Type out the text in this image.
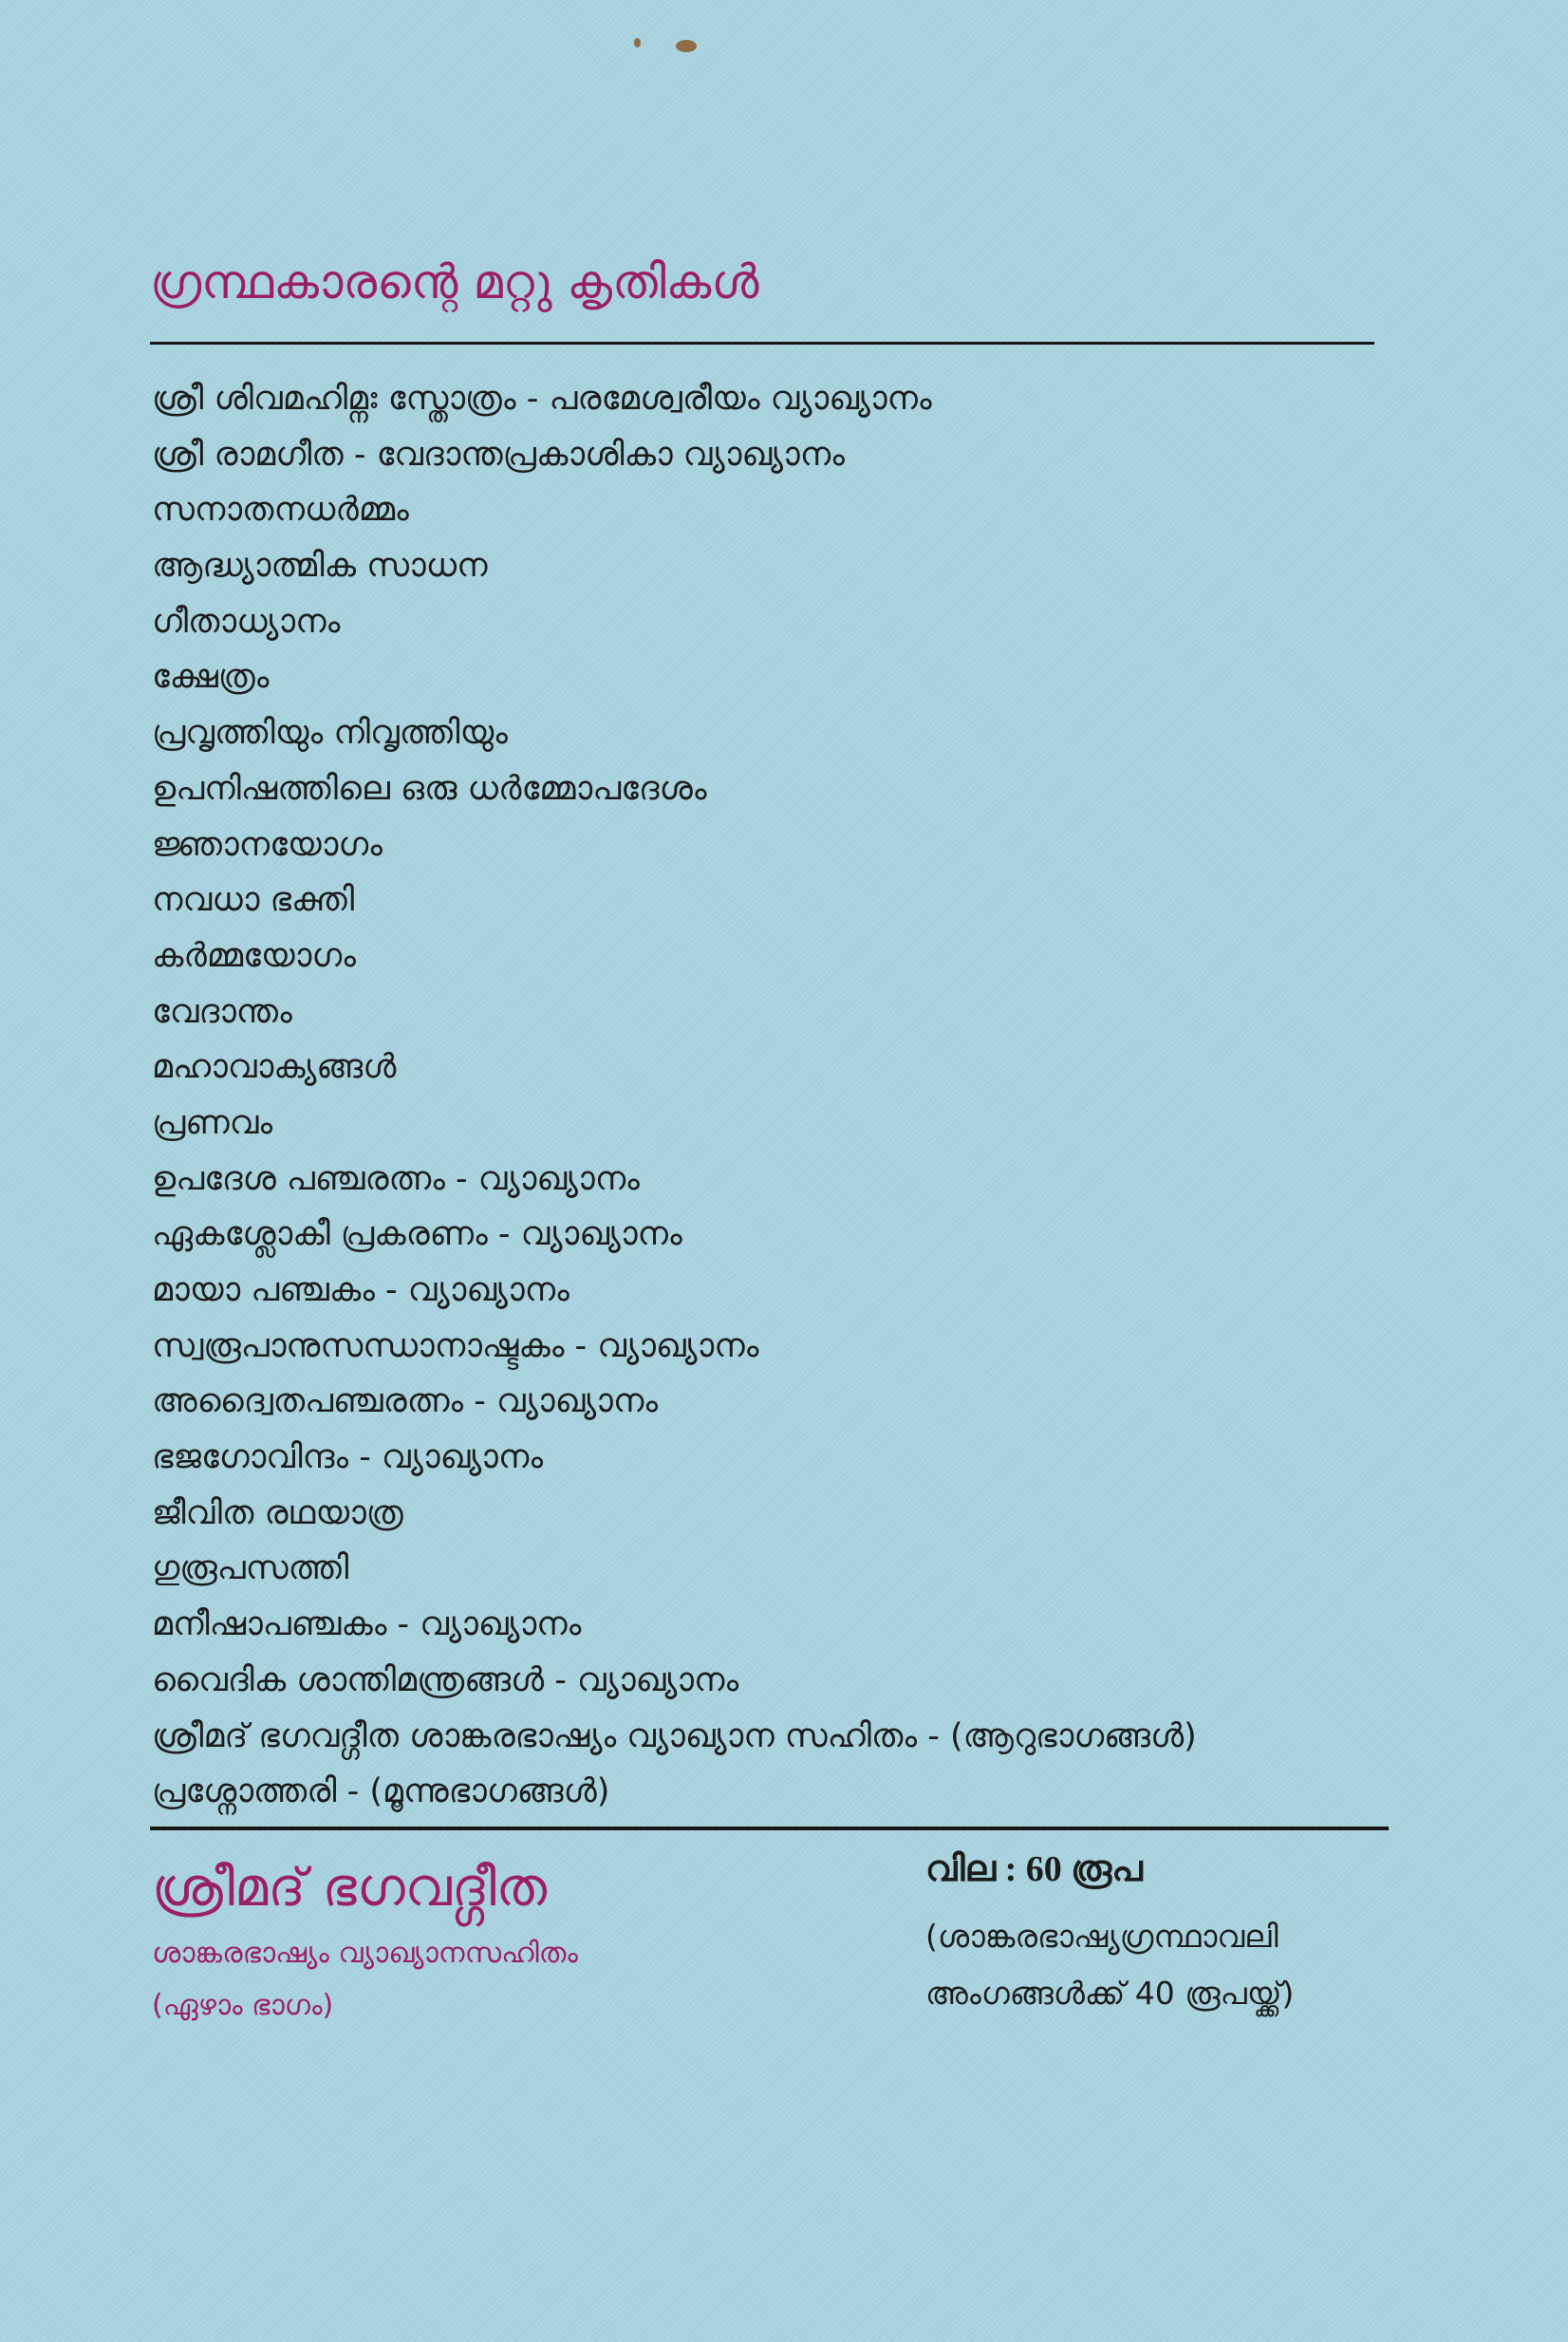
ഗ്രന്ഥകാരന്റെ മറ്റു കൃതികൾ
ശ്രീ ശിവമഹിമ്നഃ സ്തോത്രം - പരമേശ്വരീയം വ്യാഖ്യാനം
ശ്രീ രാമഗീത - വേദാന്തപ്രകാശികാ വ്യാഖ്യാനം
സനാതനധർമ്മം
ആദ്ധ്യാത്മിക സാധന
ഗീതാധ്യാനം
ക്ഷേത്രം
പ്രവൃത്തിയും നിവൃത്തിയും
ഉപനിഷത്തിലെ ഒരു ധർമ്മോപദേശം
ജ്ഞാനയോഗം
നവധാ ഭക്തി
കർമ്മയോഗം
വേദാന്തം
മഹാവാക്യങ്ങൾ
പ്രണവം
ഉപദേശ പഞ്ചരത്നം - വ്യാഖ്യാനം
ഏകശ്ലോകീ പ്രകരണം - വ്യാഖ്യാനം
മായാ പഞ്ചകം - വ്യാഖ്യാനം
സ്വരൂപാനുസന്ധാനാഷ്ടകം - വ്യാഖ്യാനം
അദ്വൈതപഞ്ചരത്നം - വ്യാഖ്യാനം
ഭജഗോവിന്ദം - വ്യാഖ്യാനം
ജീവിത രഥയാത്ര
ഗുരൂപസത്തി
മനീഷാപഞ്ചകം - വ്യാഖ്യാനം
വൈദിക ശാന്തിമന്ത്രങ്ങൾ - വ്യാഖ്യാനം
ശ്രീമദ് ഭഗവദ്ഗീത ശാങ്കരഭാഷ്യം വ്യാഖ്യാന സഹിതം - (ആറുഭാഗങ്ങൾ)
പ്രശ്നോത്തരി - (മൂന്നുഭാഗങ്ങൾ)
ശ്രീമദ് ഭഗവദ്ഗീത
ശാങ്കരഭാഷ്യം വ്യാഖ്യാനസഹിതം
(ഏഴാം ഭാഗം)
വില : 60 രൂപ
(ശാങ്കരഭാഷ്യഗ്രന്ഥാവലി
അംഗങ്ങൾക്ക് 40 രൂപയ്ക്ക്)
